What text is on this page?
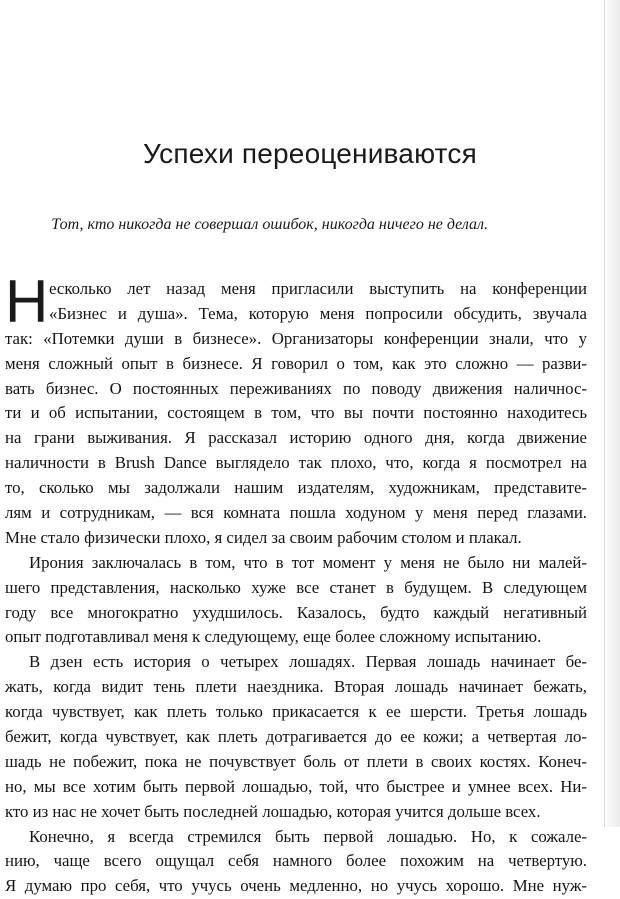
Успехи переоцениваются

Тот, кто никогда не совершал ошибок, никогда ничего не делал.

Н есколько лет назад меня пригласили выступить на конференции
«Бизнес и душа». Тема, которую меня попросили обсудить, звучала
так: «Потемки души в бизнесе». Организаторы конференции знали, что у
меня сложный опыт в бизнесе. Я говорил о том, как это сложно — разви-
вать бизнес. О постоянных переживаниях по поводу движения наличнос-
ти и об испытании, состоящем в том, что вы почти постоянно находитесь
на грани выживания. Я рассказал историю одного дня, когда движение
наличности в Brush Dance выглядело так плохо, что, когда я посмотрел на
то, сколько мы задолжали нашим издателям, художникам, представите-
лям и сотрудникам, — вся комната пошла ходуном у меня перед глазами.
Мне стало физически плохо, я сидел за своим рабочим столом и плакал.
Ирония заключалась в том, что в тот момент у меня не было ни малей-
шего представления, насколько хуже все станет в будущем. В следующем
году все многократно ухудшилось. Казалось, будто каждый негативный
опыт подготавливал меня к следующему, еще более сложному испытанию.
В дзен есть история о четырех лошадях. Первая лошадь начинает бе-
жать, когда видит тень плети наездника. Вторая лошадь начинает бежать,
когда чувствует, как плеть только прикасается к ее шерсти. Третья лошадь
бежит, когда чувствует, как плеть дотрагивается до ее кожи; а четвертая ло-
шадь не побежит, пока не почувствует боль от плети в своих костях. Конеч-
но, мы все хотим быть первой лошадью, той, что быстрее и умнее всех. Ни-
кто из нас не хочет быть последней лошадью, которая учится дольше всех.
Конечно, я всегда стремился быть первой лошадью. Но, к сожале-
нию, чаще всего ощущал себя намного более похожим на четвертую.
Я думаю про себя, что учусь очень медленно, но учусь хорошо. Мне нуж-
